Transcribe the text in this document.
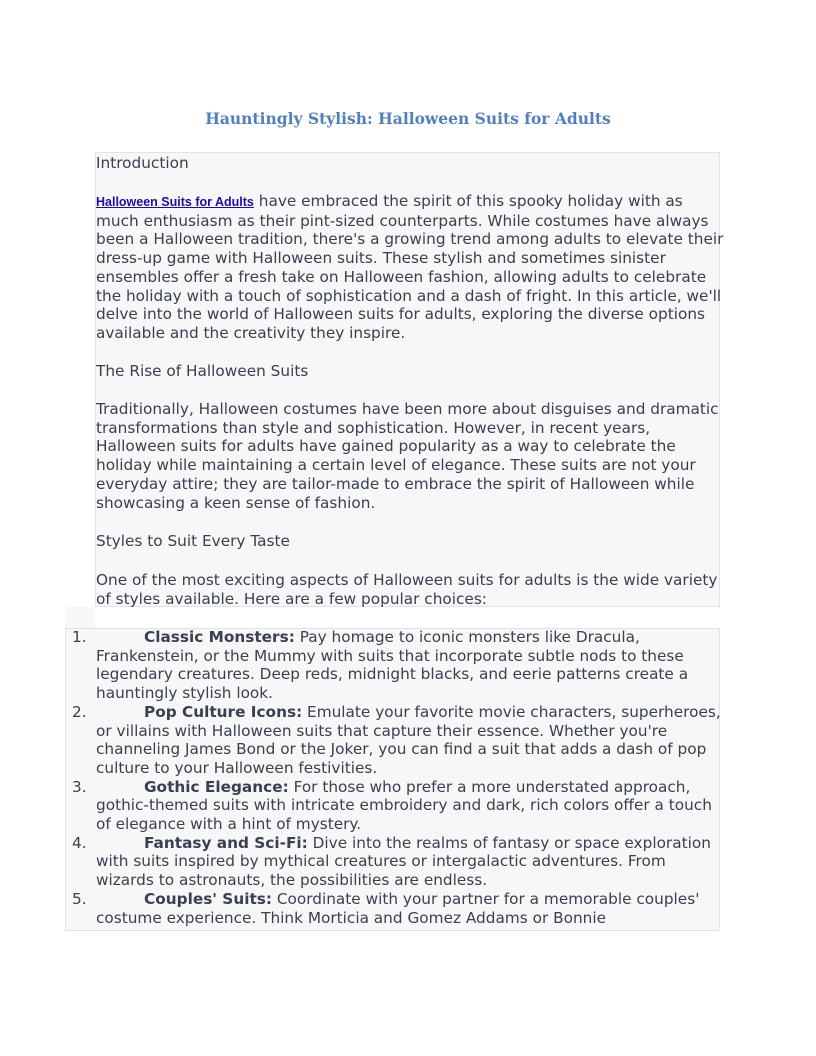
Hauntingly Stylish: Halloween Suits for Adults

Introduction

Halloween Suits for Adults have embraced the spirit of this spooky holiday with as much enthusiasm as their pint-sized counterparts. While costumes have always been a Halloween tradition, there's a growing trend among adults to elevate their dress-up game with Halloween suits. These stylish and sometimes sinister ensembles offer a fresh take on Halloween fashion, allowing adults to celebrate the holiday with a touch of sophistication and a dash of fright. In this article, we'll delve into the world of Halloween suits for adults, exploring the diverse options available and the creativity they inspire.

The Rise of Halloween Suits

Traditionally, Halloween costumes have been more about disguises and dramatic transformations than style and sophistication. However, in recent years, Halloween suits for adults have gained popularity as a way to celebrate the holiday while maintaining a certain level of elegance. These suits are not your everyday attire; they are tailor-made to embrace the spirit of Halloween while showcasing a keen sense of fashion.

Styles to Suit Every Taste

One of the most exciting aspects of Halloween suits for adults is the wide variety of styles available. Here are a few popular choices:

1.	Classic Monsters: Pay homage to iconic monsters like Dracula, Frankenstein, or the Mummy with suits that incorporate subtle nods to these legendary creatures. Deep reds, midnight blacks, and eerie patterns create a hauntingly stylish look.
2.	Pop Culture Icons: Emulate your favorite movie characters, superheroes, or villains with Halloween suits that capture their essence. Whether you're channeling James Bond or the Joker, you can find a suit that adds a dash of pop culture to your Halloween festivities.
3.	Gothic Elegance: For those who prefer a more understated approach, gothic-themed suits with intricate embroidery and dark, rich colors offer a touch of elegance with a hint of mystery.
4.	Fantasy and Sci-Fi: Dive into the realms of fantasy or space exploration with suits inspired by mythical creatures or intergalactic adventures. From wizards to astronauts, the possibilities are endless.
5.	Couples' Suits: Coordinate with your partner for a memorable couples' costume experience. Think Morticia and Gomez Addams or Bonnie
